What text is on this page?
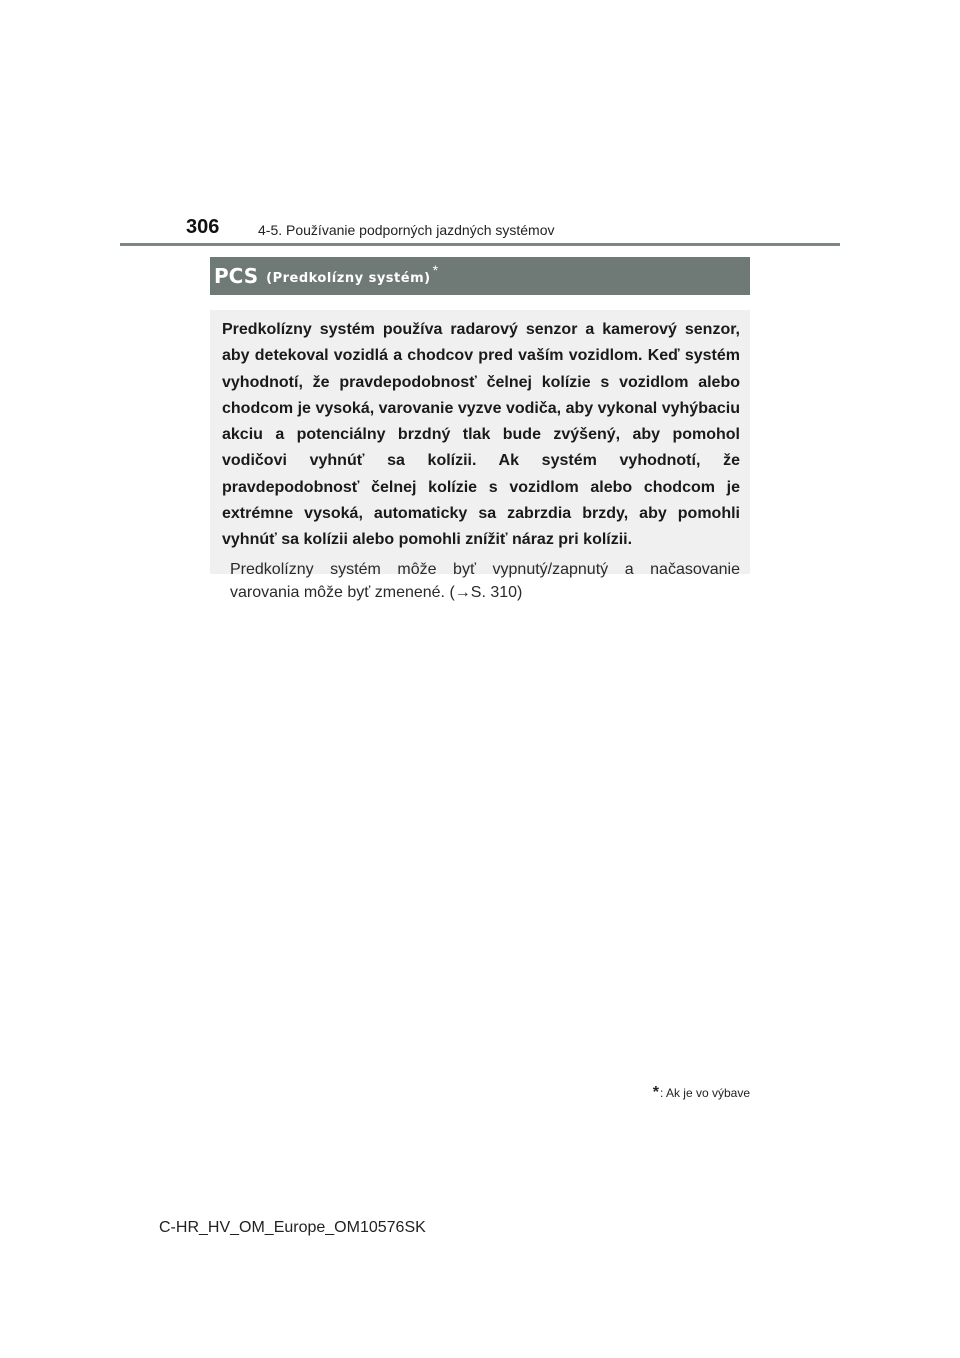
306	4-5. Používanie podporných jazdných systémov
PCS (Predkolízny systém) *

Predkolízny systém používa radarový senzor a kamerový senzor, aby detekoval vozidlá a chodcov pred vaším vozidlom. Keď systém vyhodnotí, že pravdepodobnosť čelnej kolízie s vozidlom alebo chodcom je vysoká, varovanie vyzve vodiča, aby vykonal vyhýbaciu akciu a potenciálny brzdný tlak bude zvýšený, aby pomohol vodičovi vyhnúť sa kolízii. Ak systém vyhodnotí, že pravdepodobnosť čelnej kolízie s vozidlom alebo chodcom je extrémne vysoká, automaticky sa zabrzdia brzdy, aby pomohli vyhnúť sa kolízii alebo pomohli znížiť náraz pri kolízii.

Predkolízny systém môže byť vypnutý/zapnutý a načasovanie varovania môže byť zmenené. (→S. 310)

* : Ak je vo výbave
C-HR_HV_OM_Europe_OM10576SK
